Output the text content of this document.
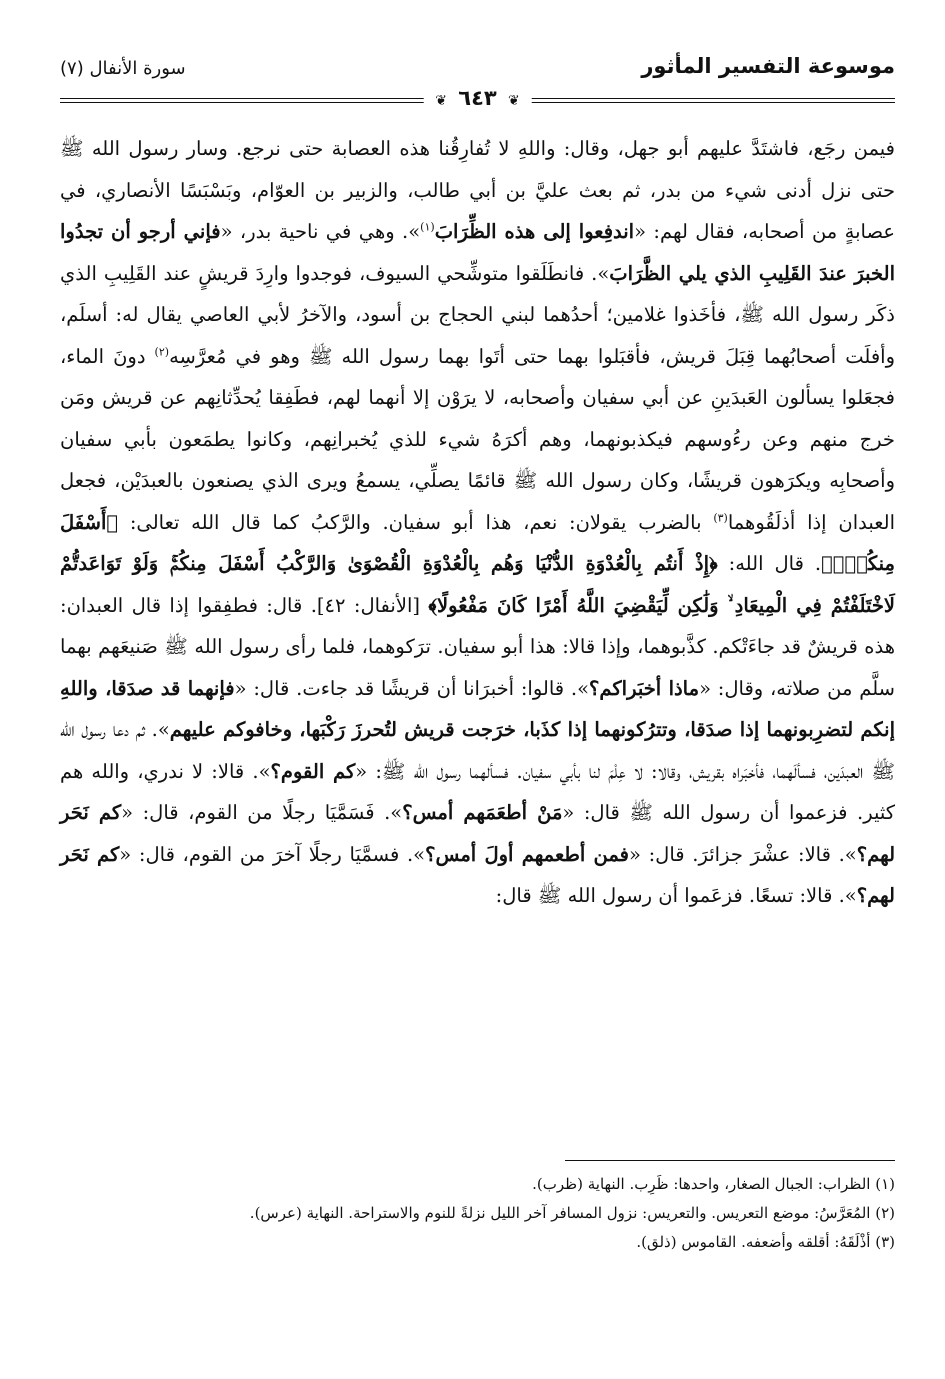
موسوعة التفسير المأثور
سورة الأنفال (٧)
❦ ٦٤٣ ❦

فيمن رجَع، فاشتَدَّ عليهم أبو جهل، وقال: واللهِ لا تُفارِقُنا هذه العصابة حتى نرجع. وسار رسول الله ﷺ حتى نزل أدنى شيء من بدر، ثم بعث عليَّ بن أبي طالب، والزبير بن العوّام، وبَسْبَسًا الأنصاري، في عصابةٍ من أصحابه، فقال لهم: «اندفِعوا إلى هذه الظِّرَابَ$^{(١)}$». وهي في ناحية بدر، «فإني أرجو أن تجدُوا الخبرَ عندَ القَلِيبِ الذي يلي الظَّرَابَ». فانطَلَقوا متوشِّحي السيوف، فوجدوا وارِدَ قريشٍ عند القَلِيبِ الذي ذكَر رسول الله ﷺ، فأخَذوا غلامين؛ أحدُهما لبني الحجاج بن أسود، والآخرُ لأبي العاصي يقال له: أسلَم، وأفلَت أصحابُهما قِبَلَ قريش، فأقبَلوا بهما حتى أتَوا بهما رسول الله ﷺ وهو في مُعرَّسِه$^{(٢)}$ دونَ الماء، فجعَلوا يسألون العَبدَينِ عن أبي سفيان وأصحابه، لا يرَوْن إلا أنهما لهم، فطَفِقا يُحدِّثانِهم عن قريش ومَن خرج منهم وعن رءُوسهم فيكذبونهما، وهم أكرَهُ شيء للذي يُخبرانِهم، وكانوا يطمَعون بأبي سفيان وأصحابِه ويكرَهون قريشًا، وكان رسول الله ﷺ قائمًا يصلِّي، يسمعُ ويرى الذي يصنعون بالعبدَيْن، فجعل العبدان إذا أذلَقُوهما$^{(٣)}$ بالضرب يقولان: نعم، هذا أبو سفيان. والرَّكبُ كما قال الله تعالى: ﴿أَسْفَلَ مِنكُمْۚ﴾. قال الله: ﴿إِذْ أَنتُم بِالْعُدْوَةِ الدُّنْيَا وَهُم بِالْعُدْوَةِ الْقُصْوَىٰ وَالرَّكْبُ أَسْفَلَ مِنكُمْۚ وَلَوْ تَوَاعَدتُّمْ لَاخْتَلَفْتُمْ فِي الْمِيعَادِ ۙ وَلَٰكِن لِّيَقْضِيَ اللَّهُ أَمْرًا كَانَ مَفْعُولًا﴾ [الأنفال: ٤٢]. قال: فطفِقوا إذا قال العبدان: هذه قريشٌ قد جاءَتْكم. كذَّبوهما، وإذا قالا: هذا أبو سفيان. ترَكوهما، فلما رأى رسول الله ﷺ صَنيعَهم بهما سلَّم من صلاته، وقال: «ماذا أخبَراكم؟». قالوا: أخبرَانا أن قريشًا قد جاءت. قال: «فإنهما قد صدَقا، واللهِ إنكم لتضرِبونهما إذا صدَقا، وتترُكونهما إذا كذَبا، خرَجت قريش لتُحرزَ رَكْبَها، وخافوكم عليهم». ثم دعا رسول الله ﷺ العبدَين، فسألَهما، فأخبَراه بقريش، وقالا: لا عِلْمَ لنا بأبي سفيان. فسألهما رسول الله ﷺ: «كم القوم؟». قالا: لا ندري، والله هم كثير. فزعموا أن رسول الله ﷺ قال: «مَنْ أطعَمَهم أمس؟». فَسَمَّيَا رجلًا من القوم، قال: «كم نَحَر لهم؟». قالا: عشْرَ جزائرَ. قال: «فمن أطعمهم أولَ أمس؟». فسمَّيَا رجلًا آخرَ من القوم، قال: «كم نَحَر لهم؟». قالا: تسعًا. فزعَموا أن رسول الله ﷺ قال:

(١) الظراب: الجبال الصغار، واحدها: ظَرِب. النهاية (ظرب).

(٢) المُعَرَّسُ: موضع التعريس. والتعريس: نزول المسافر آخر الليل نزلةً للنوم والاستراحة. النهاية (عرس).

(٣) أذْلَقَهُ: أقلقه وأضعفه. القاموس (ذلق).
